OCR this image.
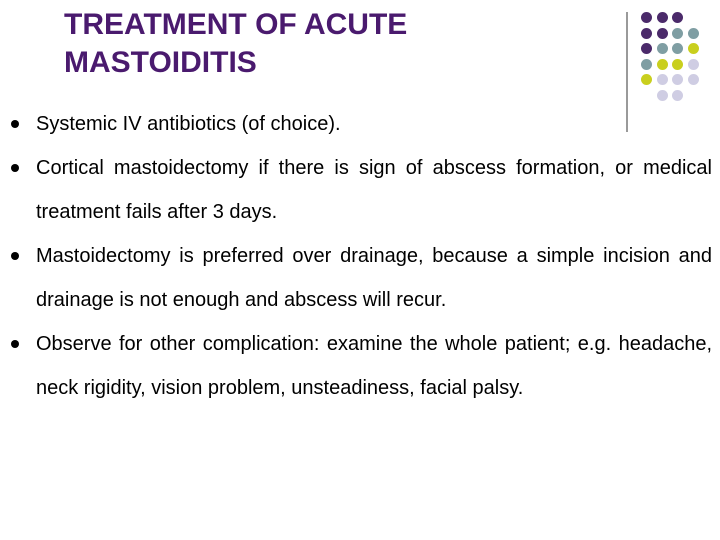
TREATMENT OF ACUTE
MASTOIDITIS

Systemic IV antibiotics (of choice).

Cortical mastoidectomy if there is sign of abscess formation, or medical treatment fails after 3 days.

Mastoidectomy is preferred over drainage, because a simple incision and drainage is not enough and abscess will recur.

Observe for other complication: examine the whole patient; e.g. headache, neck rigidity, vision problem, unsteadiness, facial palsy.
